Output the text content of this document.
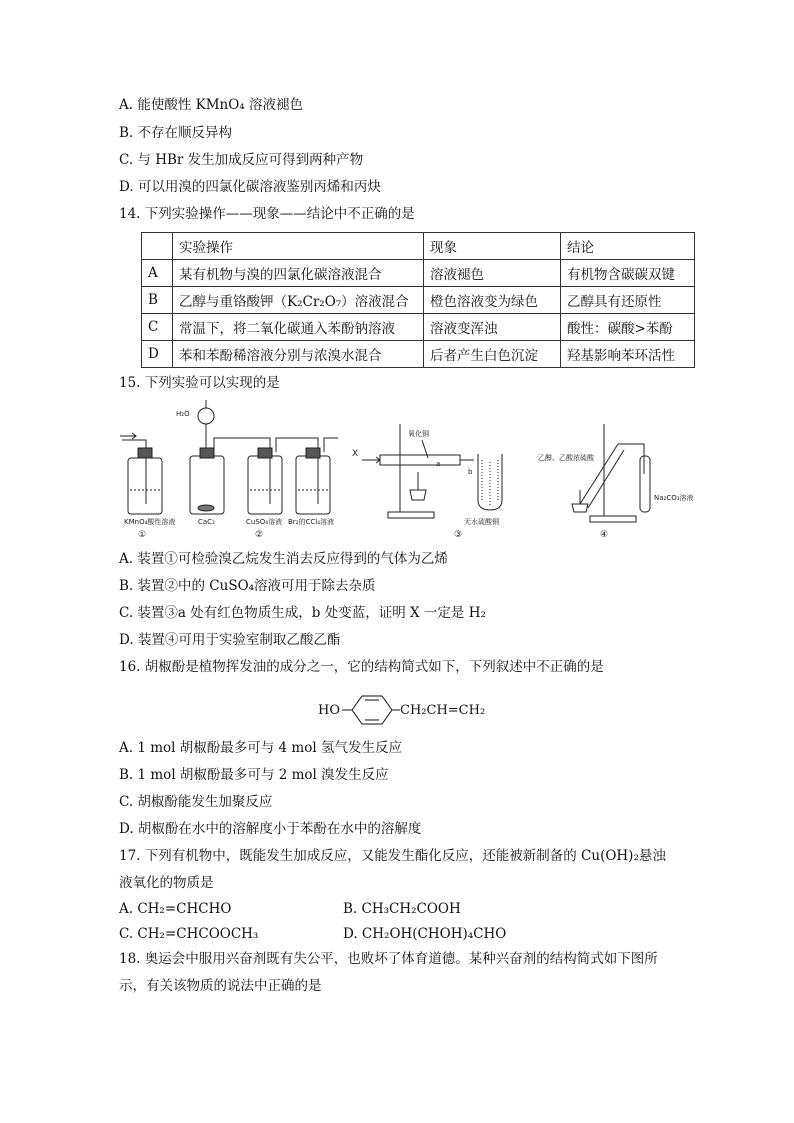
A. 能使酸性 KMnO₄ 溶液褪色
B. 不存在顺反异构
C. 与 HBr 发生加成反应可得到两种产物
D. 可以用溴的四氯化碳溶液鉴别丙烯和丙炔
14. 下列实验操作——现象——结论中不正确的是
	实验操作	现象	结论
A	某有机物与溴的四氯化碳溶液混合	溶液褪色	有机物含碳碳双键
B	乙醇与重铬酸钾（K₂Cr₂O₇）溶液混合	橙色溶液变为绿色	乙醇具有还原性
C	常温下，将二氧化碳通入苯酚钠溶液	溶液变浑浊	酸性：碳酸>苯酚
D	苯和苯酚稀溶液分别与浓溴水混合	后者产生白色沉淀	羟基影响苯环活性
15. 下列实验可以实现的是
KMnO₄酸性溶液
①
H₂O
CaC₂	CuSO₄溶液 Br₂的CCl₄溶液
②
X
氧化铜
a
b
无水硫酸铜
③
乙醇、乙酸浓硫酸
Na₂CO₃溶液
④
A. 装置①可检验溴乙烷发生消去反应得到的气体为乙烯
B. 装置②中的 CuSO₄溶液可用于除去杂质
C. 装置③a 处有红色物质生成，b 处变蓝，证明 X 一定是 H₂
D. 装置④可用于实验室制取乙酸乙酯
16. 胡椒酚是植物挥发油的成分之一，它的结构简式如下，下列叙述中不正确的是
HO	CH₂CH=CH₂
A. 1 mol 胡椒酚最多可与 4 mol 氢气发生反应
B. 1 mol 胡椒酚最多可与 2 mol 溴发生反应
C. 胡椒酚能发生加聚反应
D. 胡椒酚在水中的溶解度小于苯酚在水中的溶解度
17. 下列有机物中，既能发生加成反应，又能发生酯化反应，还能被新制备的 Cu(OH)₂悬浊
液氧化的物质是
A. CH₂=CHCHO	B. CH₃CH₂COOH
C. CH₂=CHCOOCH₃	D. CH₂OH(CHOH)₄CHO
18. 奥运会中服用兴奋剂既有失公平，也败坏了体育道德。某种兴奋剂的结构简式如下图所
示，有关该物质的说法中正确的是
